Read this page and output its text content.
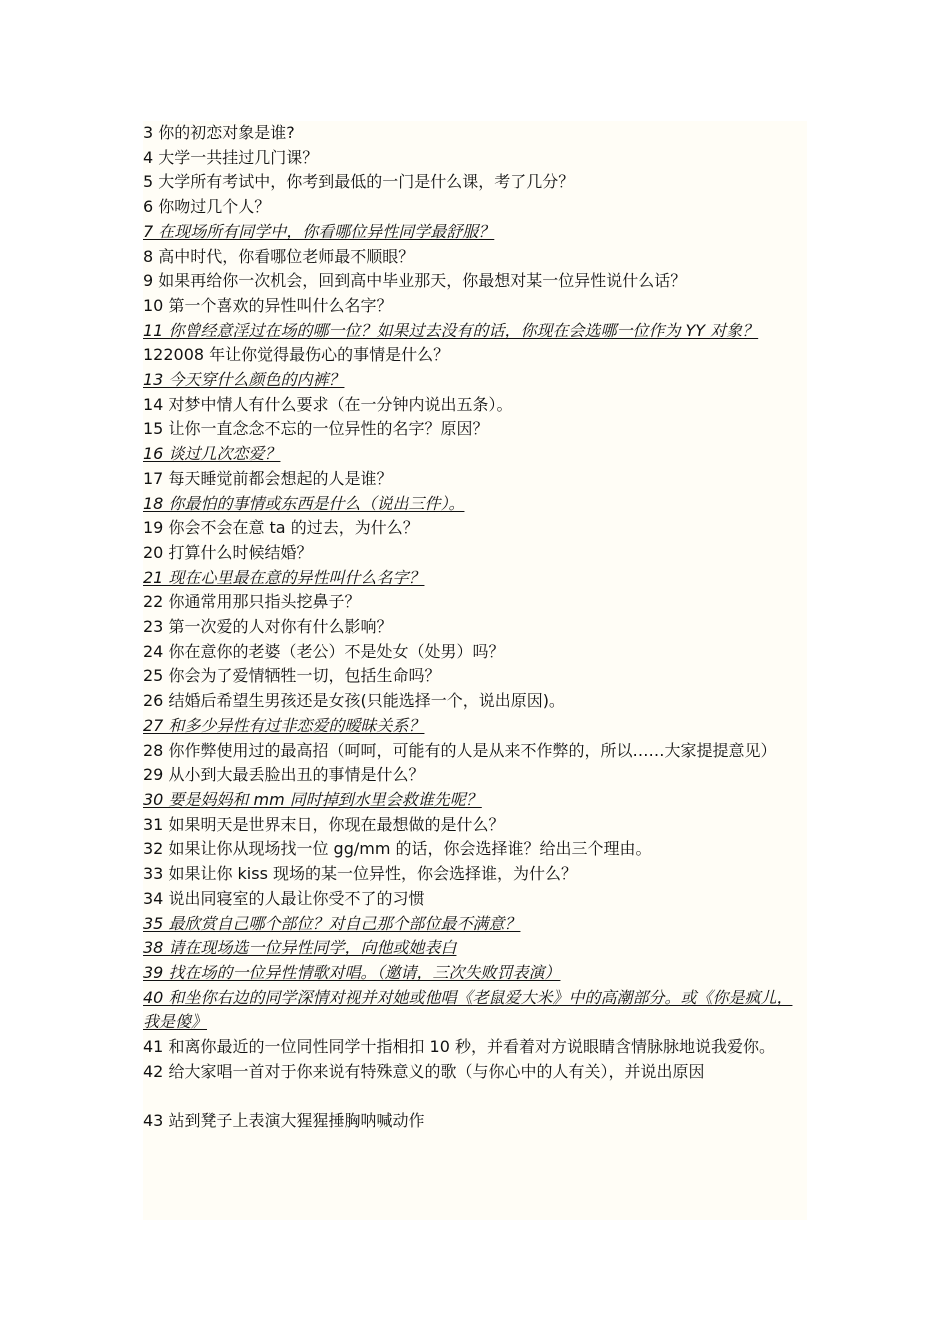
3 你的初恋对象是谁?

4 大学一共挂过几门课？

5 大学所有考试中，你考到最低的一门是什么课，考了几分？

6 你吻过几个人？

7 在现场所有同学中，你看哪位异性同学最舒服？

8 高中时代，你看哪位老师最不顺眼？

9 如果再给你一次机会，回到高中毕业那天，你最想对某一位异性说什么话？

10 第一个喜欢的异性叫什么名字？

11 你曾经意淫过在场的哪一位？如果过去没有的话，你现在会选哪一位作为 YY 对象？

122008 年让你觉得最伤心的事情是什么？

13 今天穿什么颜色的内裤？

14 对梦中情人有什么要求（在一分钟内说出五条）。

15 让你一直念念不忘的一位异性的名字？原因？

16 谈过几次恋爱？

17 每天睡觉前都会想起的人是谁？

18 你最怕的事情或东西是什么（说出三件）。

19 你会不会在意 ta 的过去，为什么？

20 打算什么时候结婚？

21 现在心里最在意的异性叫什么名字？

22 你通常用那只指头挖鼻子？

23 第一次爱的人对你有什么影响？

24 你在意你的老婆（老公）不是处女（处男）吗？

25 你会为了爱情牺牲一切，包括生命吗？

26 结婚后希望生男孩还是女孩(只能选择一个，说出原因)。

27 和多少异性有过非恋爱的暧昧关系？

28 你作弊使用过的最高招（呵呵，可能有的人是从来不作弊的，所以……大家提提意见）

29 从小到大最丢脸出丑的事情是什么？

30 要是妈妈和 mm 同时掉到水里会救谁先呢？

31 如果明天是世界末日，你现在最想做的是什么？

32 如果让你从现场找一位 gg/mm 的话，你会选择谁？给出三个理由。

33 如果让你 kiss 现场的某一位异性，你会选择谁，为什么？

34 说出同寝室的人最让你受不了的习惯

35 最欣赏自己哪个部位？对自己那个部位最不满意？

38 请在现场选一位异性同学，向他或她表白

39 找在场的一位异性情歌对唱。（邀请，三次失败罚表演）

40 和坐你右边的同学深情对视并对她或他唱《老鼠爱大米》中的高潮部分。或《你是疯儿，我是傻》

41 和离你最近的一位同性同学十指相扣 10 秒，并看着对方说眼睛含情脉脉地说我爱你。

42 给大家唱一首对于你来说有特殊意义的歌（与你心中的人有关），并说出原因

43 站到凳子上表演大猩猩捶胸呐喊动作
